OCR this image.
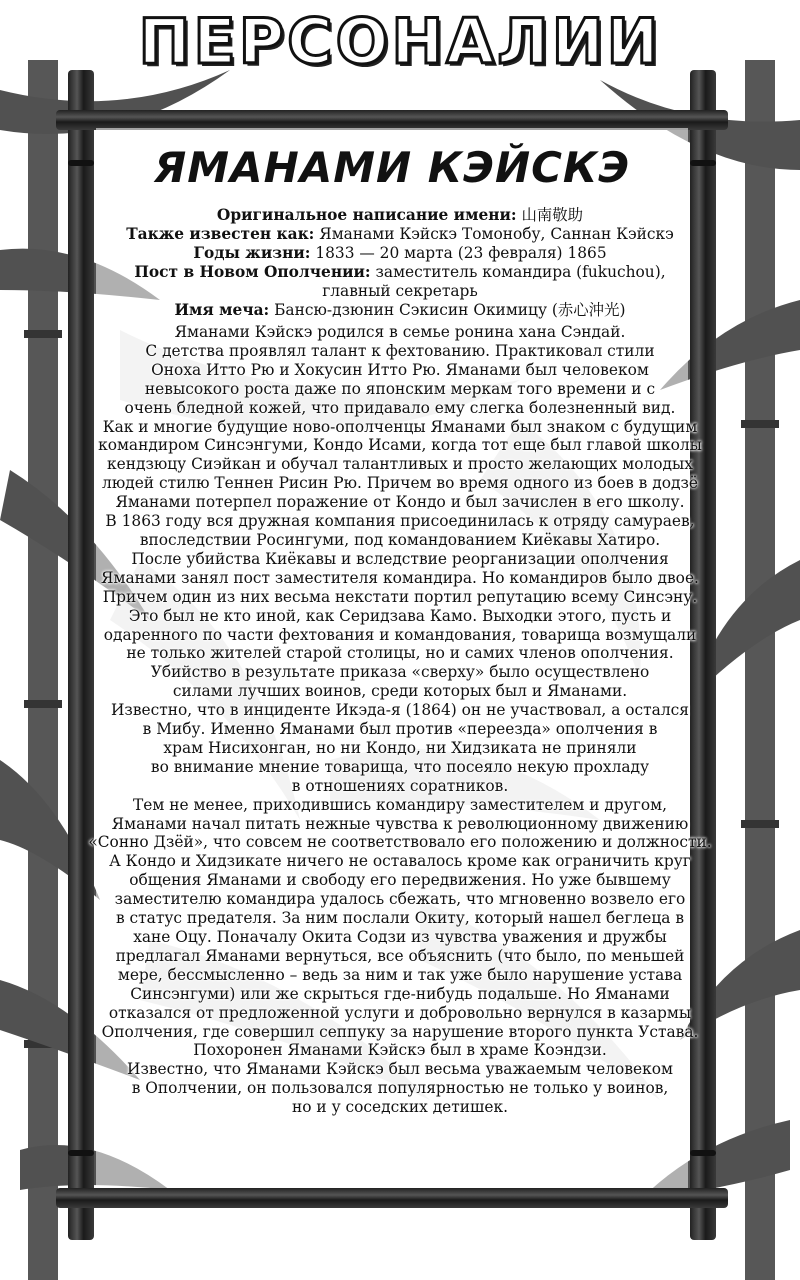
ПЕРСОНАЛИИ
ЯМАНАМИ КЭЙСКЭ
Оригинальное написание имени: 山南敬助
Также известен как: Яманами Кэйскэ Томонобу, Саннан Кэйскэ
Годы жизни: 1833 — 20 марта (23 февраля) 1865
Пост в Новом Ополчении: заместитель командира (fukuchou),
главный секретарь
Имя меча: Бансю-дзюнин Сэкисин Окимицу (赤心沖光)
Яманами Кэйскэ родился в семье ронина хана Сэндай.
С детства проявлял талант к фехтованию. Практиковал стили
Оноха Итто Рю и Хокусин Итто Рю. Яманами был человеком
невысокого роста даже по японским меркам того времени и с
очень бледной кожей, что придавало ему слегка болезненный вид.
Как и многие будущие ново-ополченцы Яманами был знаком с будущим
командиром Синсэнгуми, Кондо Исами, когда тот еще был главой школы
кендзюцу Сиэйкан и обучал талантливых и просто желающих молодых
людей стилю Теннен Рисин Рю. Причем во время одного из боев в додзё
Яманами потерпел поражение от Кондо и был зачислен в его школу.
В 1863 году вся дружная компания присоединилась к отряду самураев,
впоследствии Росингуми, под командованием Киёкавы Хатиро.
После убийства Киёкавы и вследствие реорганизации ополчения
Яманами занял пост заместителя командира. Но командиров было двое.
Причем один из них весьма некстати портил репутацию всему Синсэну.
Это был не кто иной, как Серидзава Камо. Выходки этого, пусть и
одаренного по части фехтования и командования, товарища возмущали
не только жителей старой столицы, но и самих членов ополчения.
Убийство в результате приказа «сверху» было осуществлено
силами лучших воинов, среди которых был и Яманами.
Известно, что в инциденте Икэда-я (1864) он не участвовал, а остался
в Мибу. Именно Яманами был против «переезда» ополчения в
храм Нисихонган, но ни Кондо, ни Хидзиката не приняли
во внимание мнение товарища, что посеяло некую прохладу
в отношениях соратников.
Тем не менее, приходившись командиру заместителем и другом,
Яманами начал питать нежные чувства к революционному движению
«Сонно Дзёй», что совсем не соответствовало его положению и должности.
А Кондо и Хидзикате ничего не оставалось кроме как ограничить круг
общения Яманами и свободу его передвижения. Но уже бывшему
заместителю командира удалось сбежать, что мгновенно возвело его
в статус предателя. За ним послали Окиту, который нашел беглеца в
хане Оцу. Поначалу Окита Содзи из чувства уважения и дружбы
предлагал Яманами вернуться, все объяснить (что было, по меньшей
мере, бессмысленно – ведь за ним и так уже было нарушение устава
Синсэнгуми) или же скрыться где-нибудь подальше. Но Яманами
отказался от предложенной услуги и добровольно вернулся в казармы
Ополчения, где совершил сеппуку за нарушение второго пункта Устава.
Похоронен Яманами Кэйскэ был в храме Коэндзи.
Известно, что Яманами Кэйскэ был весьма уважаемым человеком
в Ополчении, он пользовался популярностью не только у воинов,
но и у соседских детишек.
